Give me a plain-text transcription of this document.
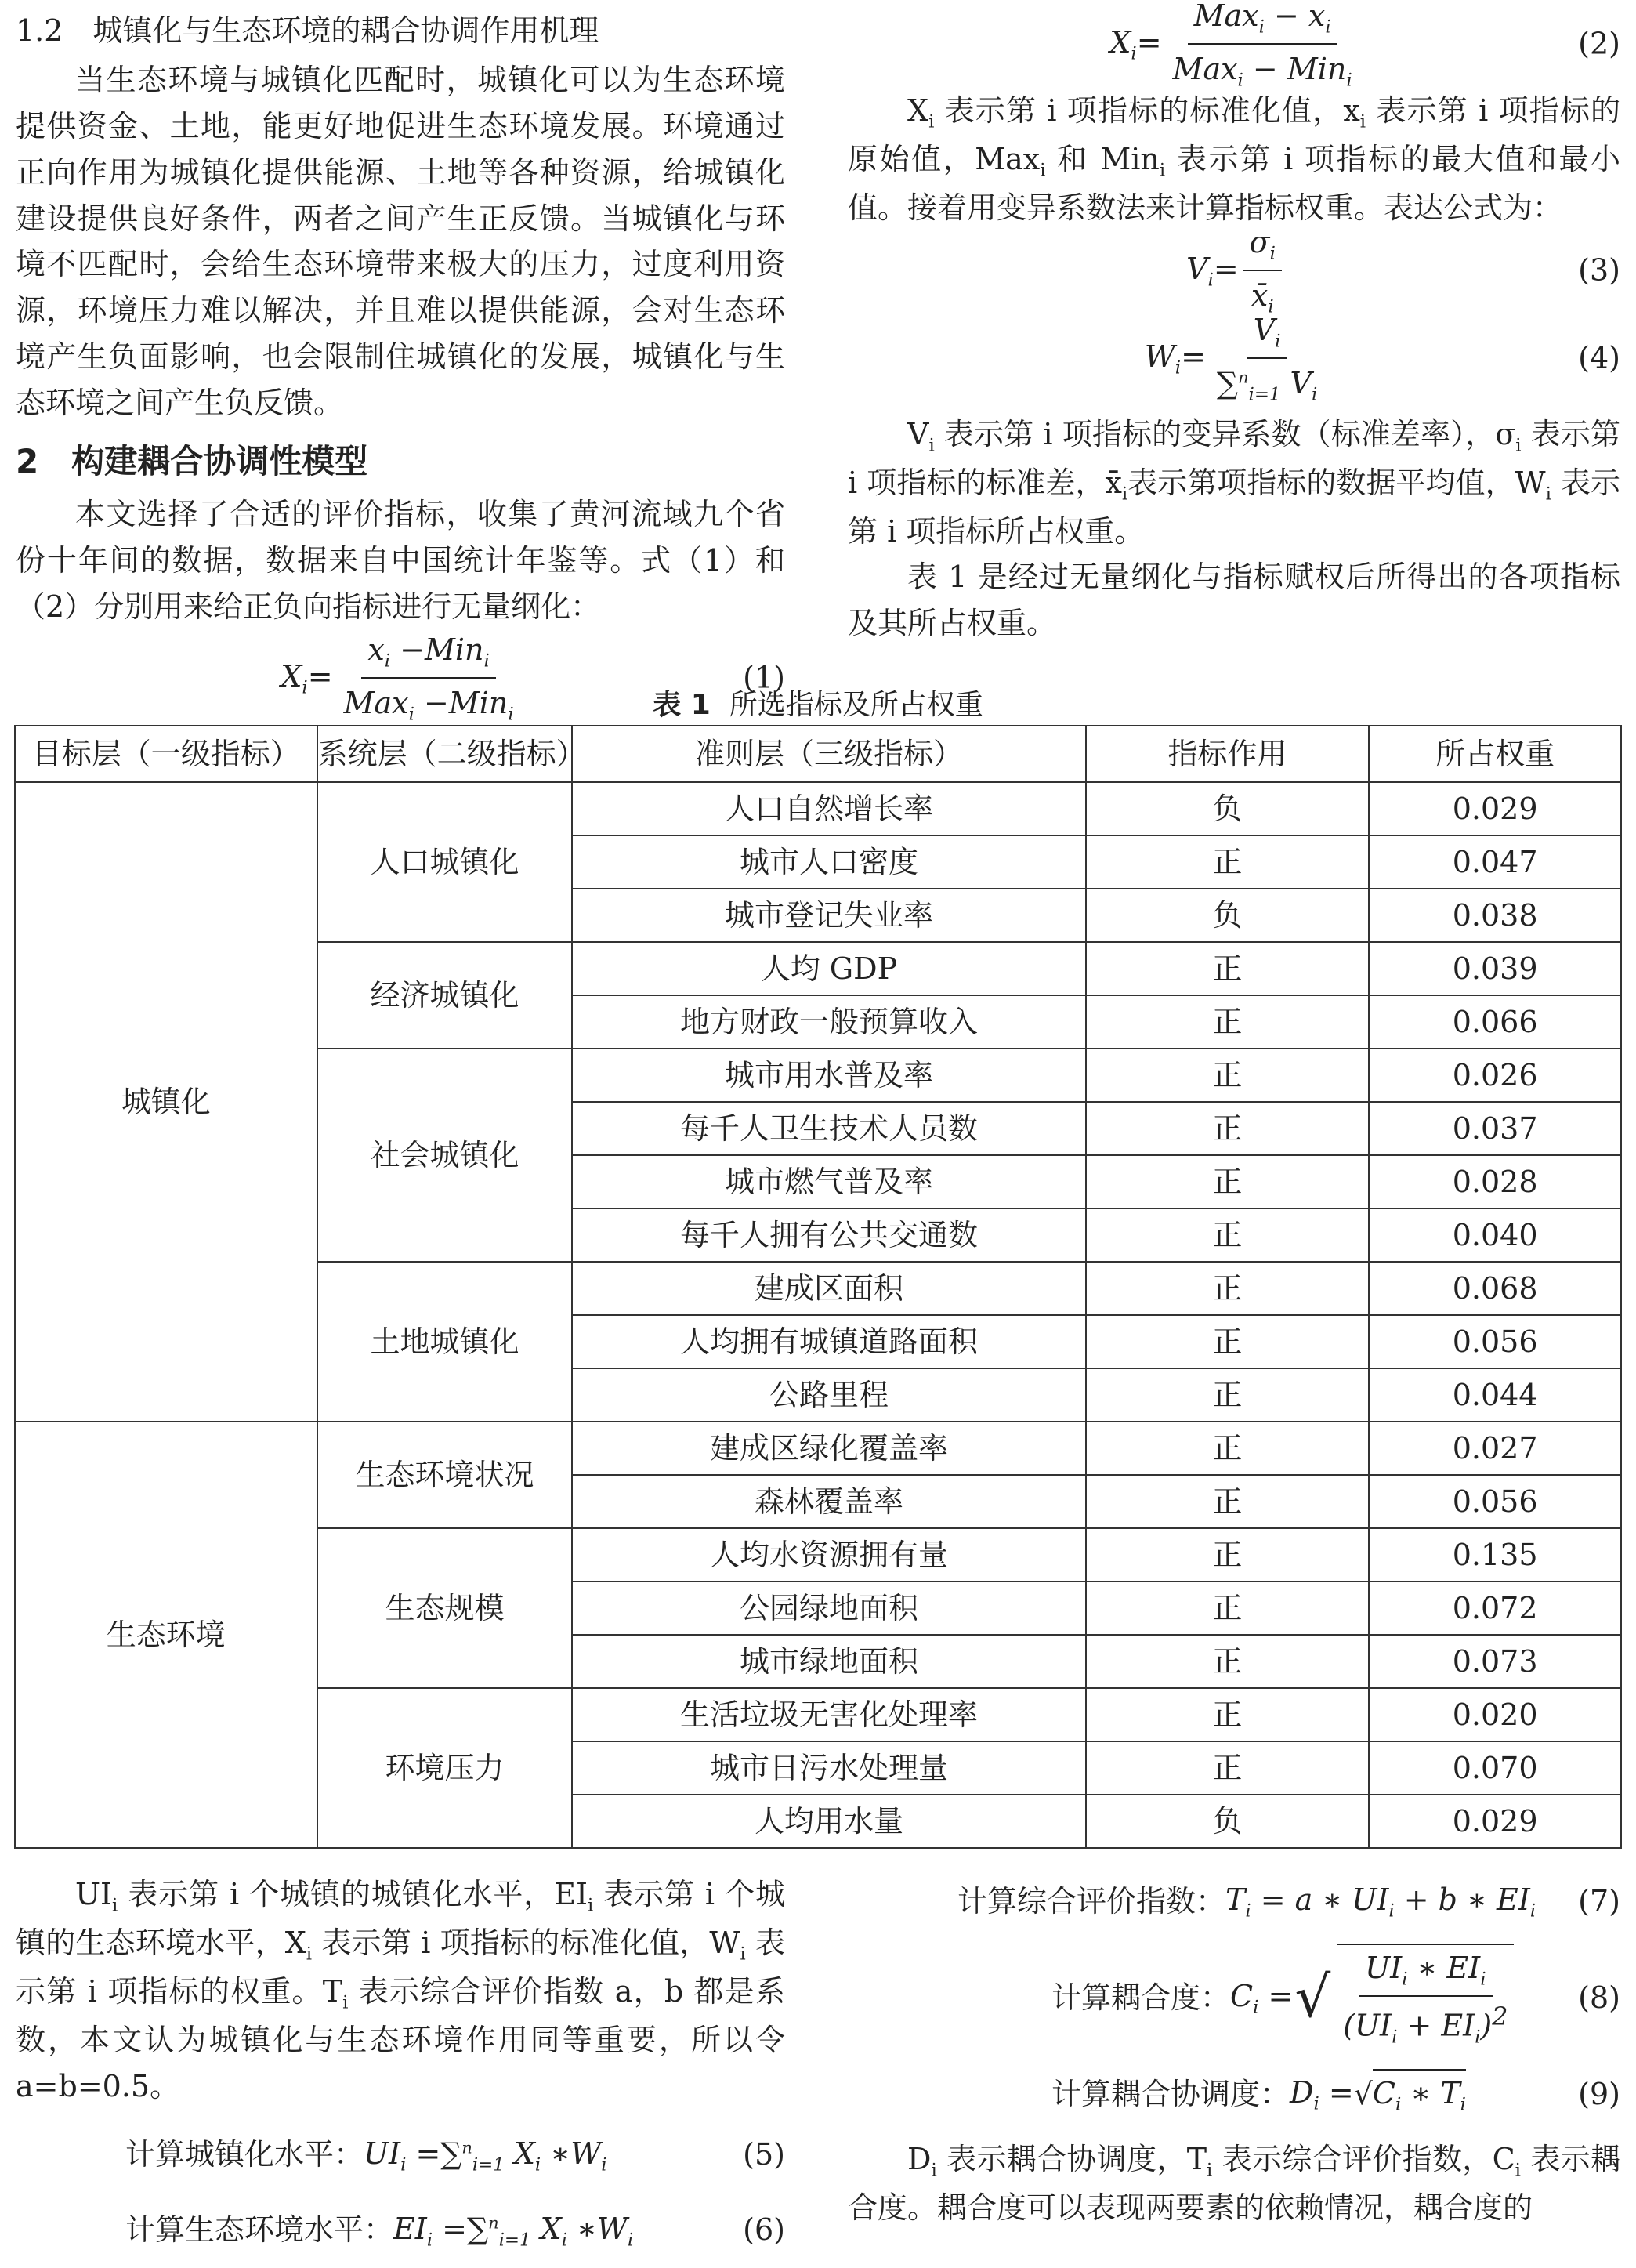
1.2　城镇化与生态环境的耦合协调作用机理

当生态环境与城镇化匹配时，城镇化可以为生态环境提供资金、土地，能更好地促进生态环境发展。环境通过正向作用为城镇化提供能源、土地等各种资源，给城镇化建设提供良好条件，两者之间产生正反馈。当城镇化与环境不匹配时，会给生态环境带来极大的压力，过度利用资源，环境压力难以解决，并且难以提供能源，会对生态环境产生负面影响，也会限制住城镇化的发展，城镇化与生态环境之间产生负反馈。

2　构建耦合协调性模型

本文选择了合适的评价指标，收集了黄河流域九个省份十年间的数据，数据来自中国统计年鉴等。式（1）和（2）分别用来给正负向指标进行无量纲化：

$X_i= \frac{x_i -Min_i}{Max_i -Min_i}$	(1)
$X_i= \frac{Max_i - x_i}{Max_i - Min_i}$	(2)

$X_i$ 表示第 i 项指标的标准化值，$x_i$ 表示第 i 项指标的原始值，Max$_i$ 和 Min$_i$ 表示第 i 项指标的最大值和最小值。接着用变异系数法来计算指标权重。表达公式为：

$V_i= \frac{\sigma_i}{x̄_i}$	(3)
$W_i= \frac{V_i}{\sum^n_{i=1} V_i}$	(4)

$V_i$ 表示第 i 项指标的变异系数（标准差率），$\sigma_i$ 表示第 i 项指标的标准差，$x̄_i$表示第项指标的数据平均值，$W_i$ 表示第 i 项指标所占权重。

表 1 是经过无量纲化与指标赋权后所得出的各项指标及其所占权重。

表 1 所选指标及所占权重
目标层（一级指标）	系统层（二级指标）	准则层（三级指标）	指标作用	所占权重
城镇化	人口城镇化	人口自然增长率	负	0.029
		城市人口密度	正	0.047
		城市登记失业率	负	0.038
	经济城镇化	人均 GDP	正	0.039
		地方财政一般预算收入	正	0.066
	社会城镇化	城市用水普及率	正	0.026
		每千人卫生技术人员数	正	0.037
		城市燃气普及率	正	0.028
		每千人拥有公共交通数	正	0.040
	土地城镇化	建成区面积	正	0.068
		人均拥有城镇道路面积	正	0.056
		公路里程	正	0.044
生态环境	生态环境状况	建成区绿化覆盖率	正	0.027
		森林覆盖率	正	0.056
	生态规模	人均水资源拥有量	正	0.135
		公园绿地面积	正	0.072
		城市绿地面积	正	0.073
	环境压力	生活垃圾无害化处理率	正	0.020
		城市日污水处理量	正	0.070
		人均用水量	负	0.029

$UI_i$ 表示第 i 个城镇的城镇化水平，$EI_i$ 表示第 i 个城镇的生态环境水平，$X_i$ 表示第 i 项指标的标准化值，$W_i$ 表示第 i 项指标的权重。$T_i$ 表示综合评价指数 a，b 都是系数，本文认为城镇化与生态环境作用同等重要，所以令 a=b=0.5。

计算城镇化水平： $UI_i =\sum^n_{i=1}$ $X_i$ $∗W_i$	(5)
计算生态环境水平： $EI_i =\sum^n_{i=1}$ $X_i$ $∗W_i$	(6)
计算综合评价指数： $T_i = a$ ∗ $UI_i + b$ ∗ $EI_i$ (7)
计算耦合度： $C_i$ = √ $\frac{UI_i ∗ EI_i}{(UI_i + EI_i)^2} (8)$
计算耦合协调度： $D_i$ = √ $C_i$ ∗ $T_i$	(9)

$D_i$ 表示耦合协调度，$T_i$ 表示综合评价指数，$C_i$ 表示耦合度。耦合度可以表现两要素的依赖情况，耦合度的
